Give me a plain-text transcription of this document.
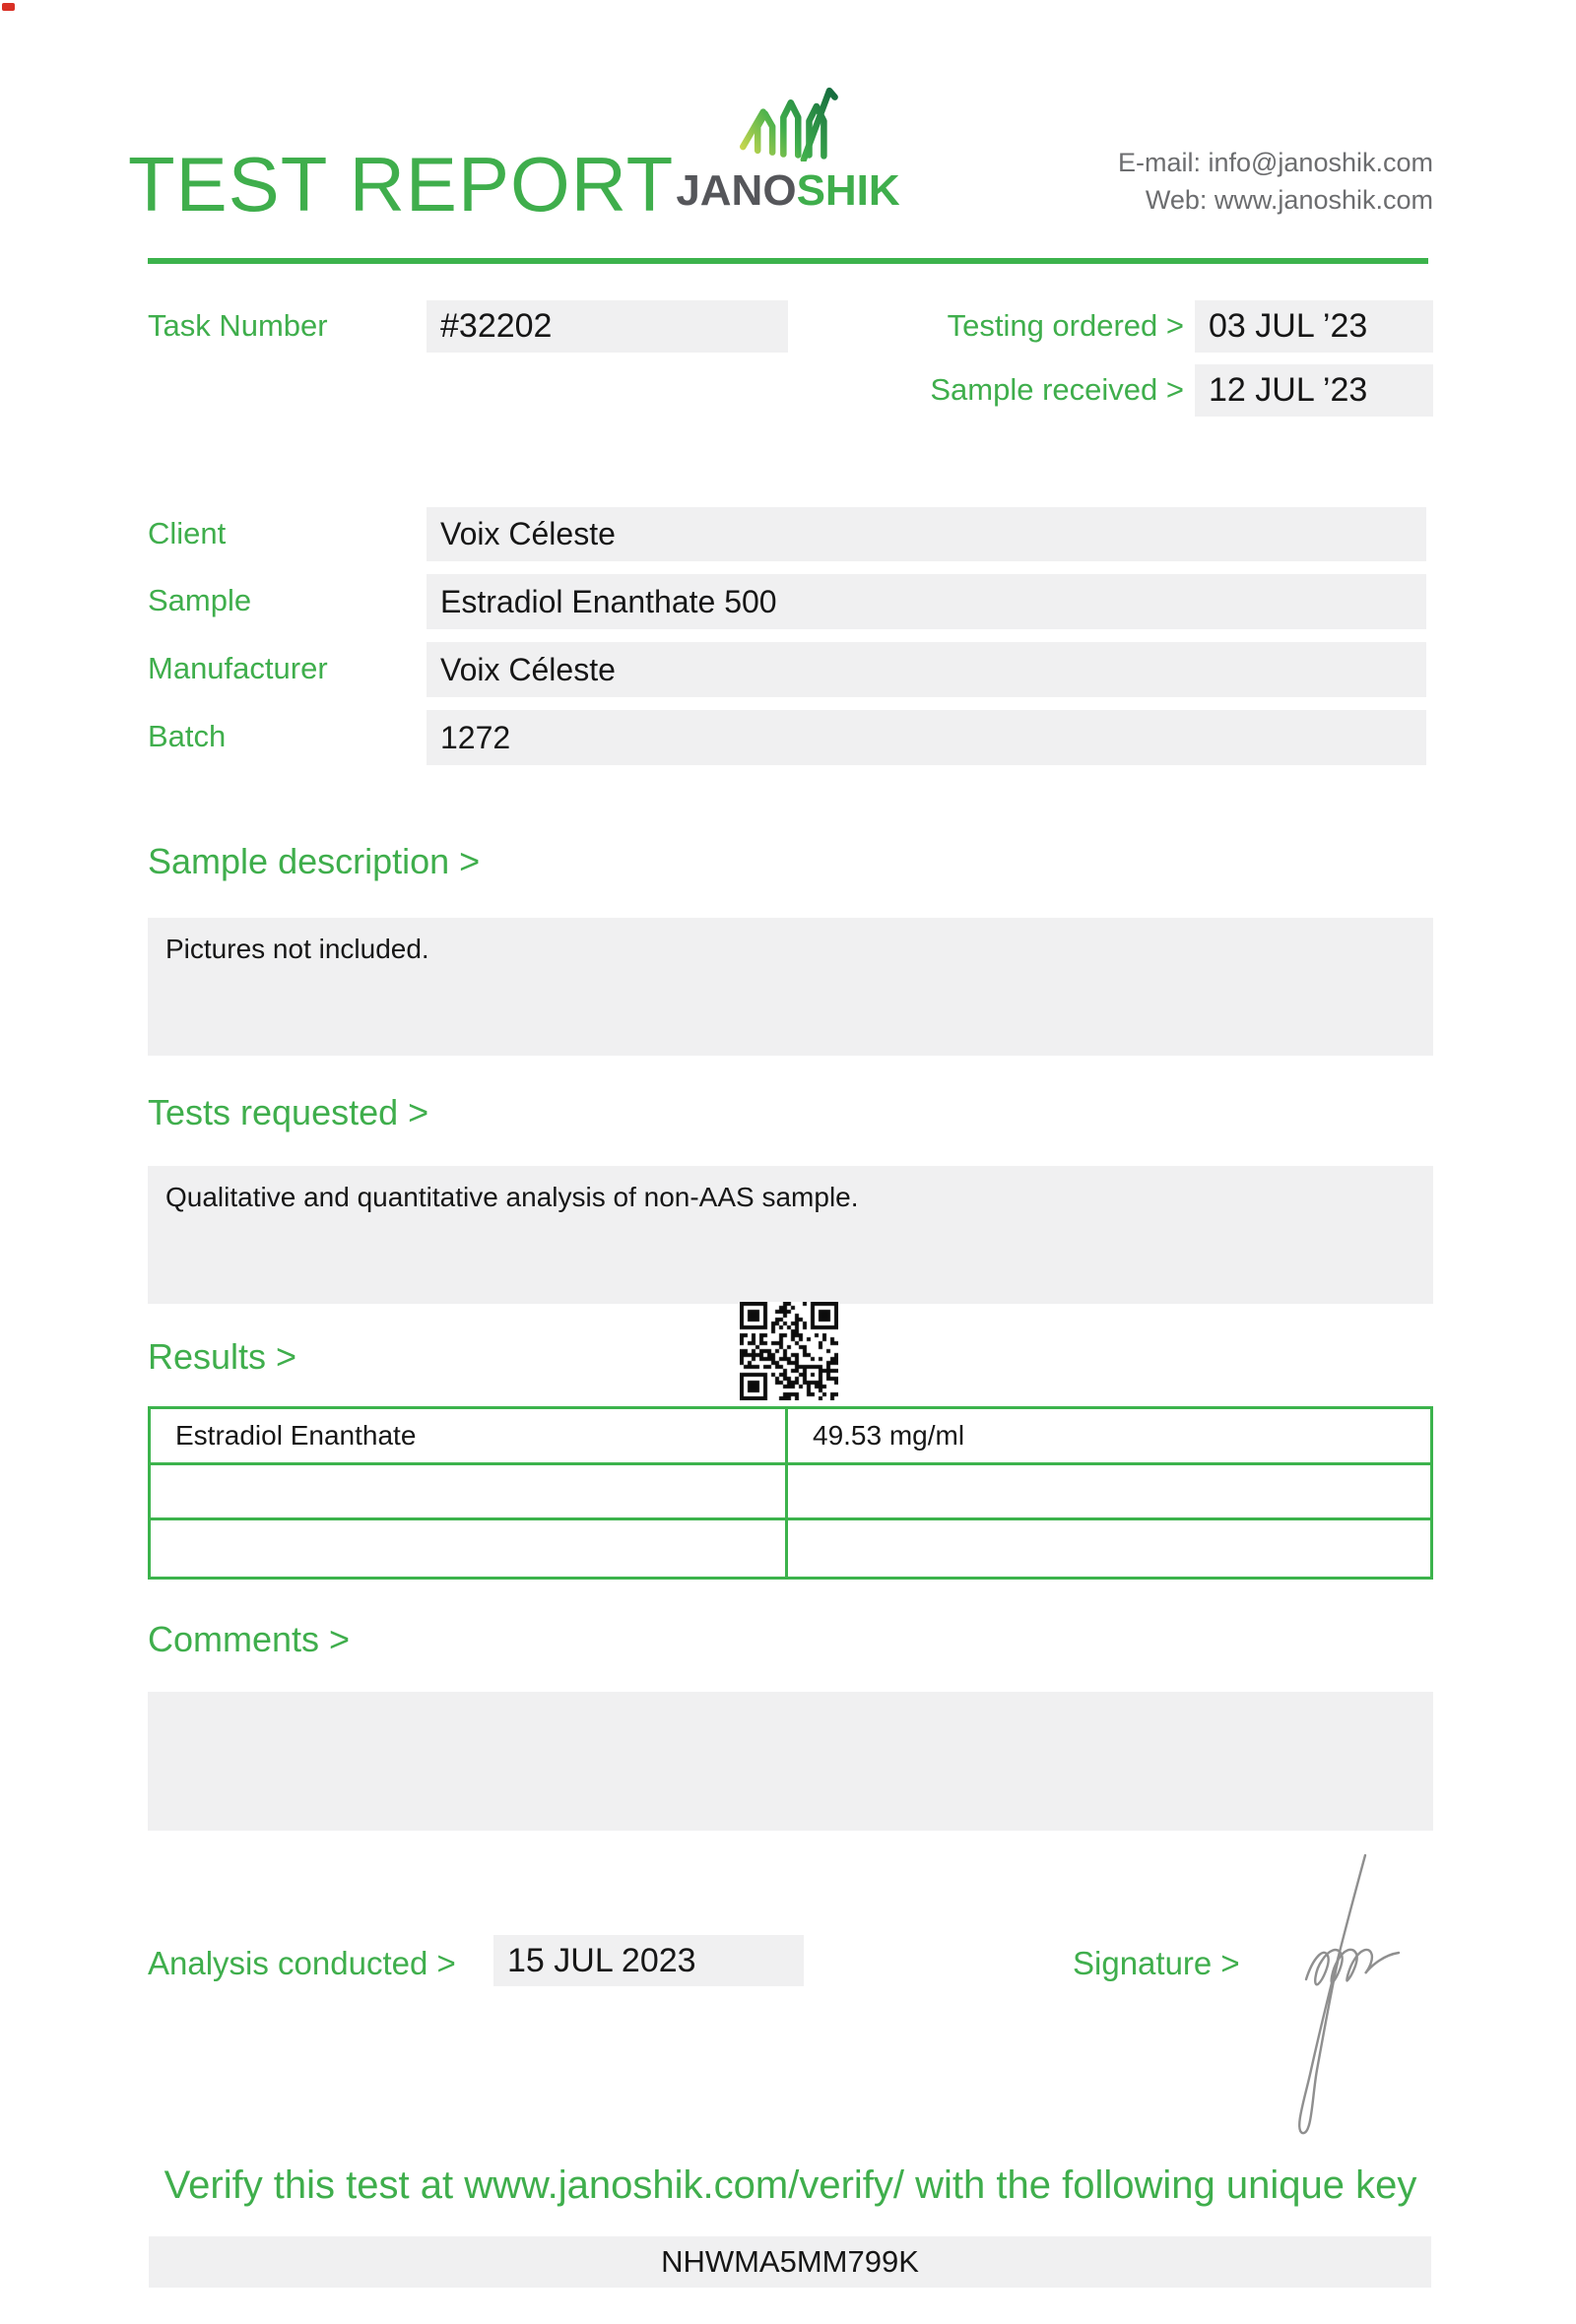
TEST REPORT JANOSHIK
E-mail: info@janoshik.com
Web: www.janoshik.com
Task Number	#32202	Testing ordered > 03 JUL ’23
Sample received > 12 JUL ’23
Client	Voix Céleste
Sample	Estradiol Enanthate 500
Manufacturer	Voix Céleste
Batch	1272
Sample description >
Pictures not included.
Tests requested >
Qualitative and quantitative analysis of non-AAS sample.
Results >
Estradiol Enanthate	49.53 mg/ml
Comments >
Analysis conducted >	15 JUL 2023	Signature >
Verify this test at www.janoshik.com/verify/ with the following unique key
NHWMA5MM799K
